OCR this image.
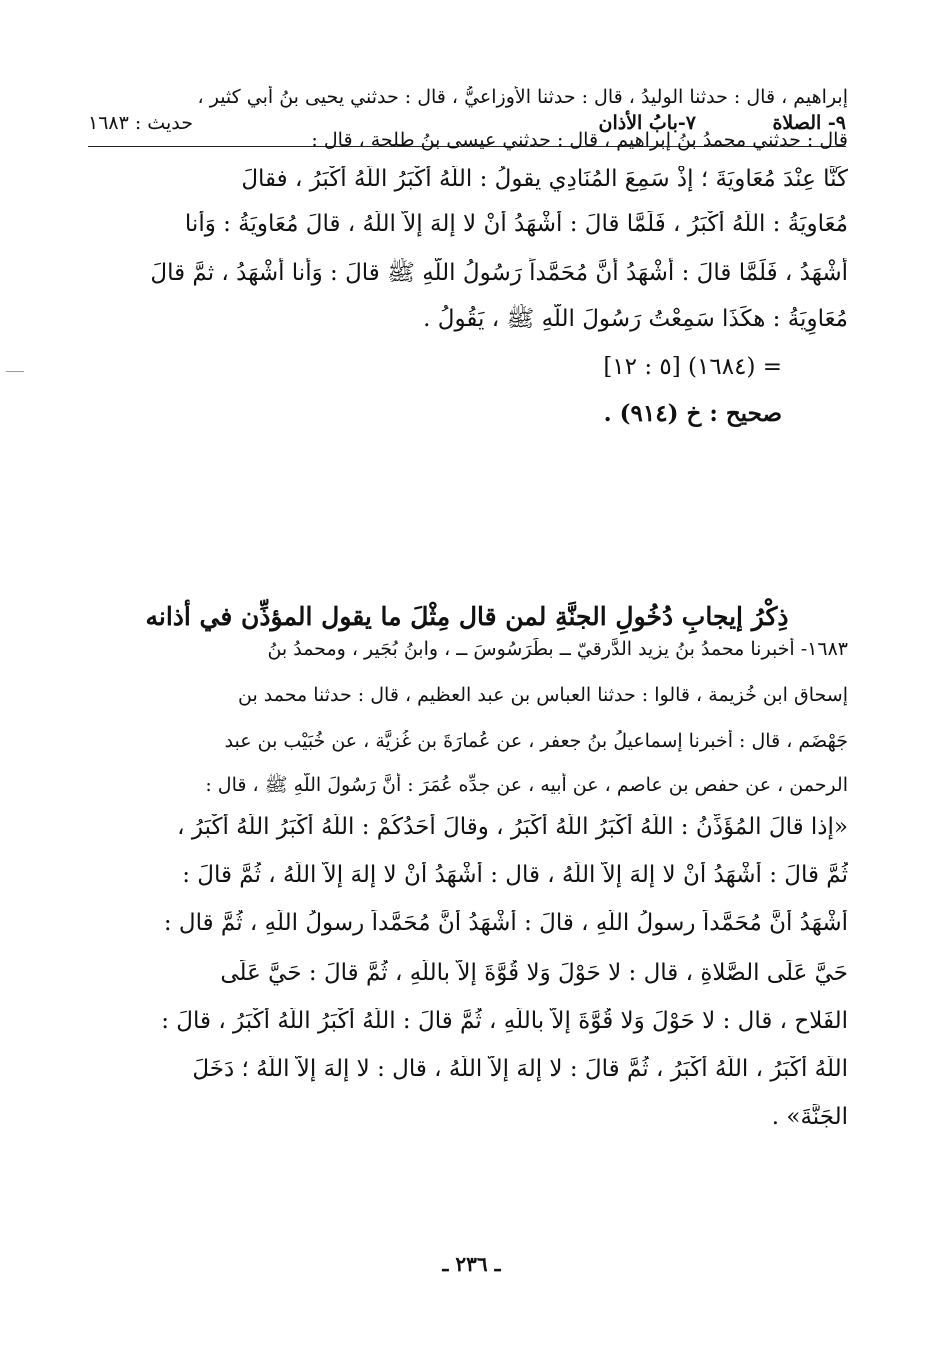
٩- الصلاة
٧-بابُ الأذان
حديث : ١٦٨٣
إبراهيم ، قال : حدثنا الوليدُ ، قال : حدثنا الأوزاعيُّ ، قال : حدثني يحيى بنُ أبي كثير ،
قال : حدثني محمدُ بنُ إبراهيم ، قال : حدثني عيسى بنُ طلحة ، قال :
كُنَّا عِنْدَ مُعَاوِيَةَ ؛ إِذْ سَمِعَ المُنَادِي يقولُ : اللَّهُ أَكْبَرُ اللَّهُ أَكْبَرُ ، فقالَ
مُعَاوِيَةُ : اللَّهُ أَكْبَرُ ، فَلَمَّا قالَ : أَشْهَدُ أَنْ لا إلهَ إلاَّ اللَّهُ ، قالَ مُعَاوِيَةُ : وَأَنا
أَشْهَدُ ، فَلَمَّا قالَ : أَشْهَدُ أَنَّ مُحَمَّداً رَسُولُ اللَّهِ ﷺ قالَ : وَأَنا أَشْهَدُ ، ثمَّ قالَ
مُعَاوِيَةُ : هكَذَا سَمِعْتُ رَسُولَ اللَّهِ ﷺ ، يَقُولُ .
= (١٦٨٤) [٥ : ١٢]
صحيح : خ (٩١٤) .
ذِكْرُ إيجابِ دُخُولِ الجنَّةِ لمن قال مِثْلَ ما يقول المؤذِّن في أذانه
١٦٨٣- أخبرنا محمدُ بنُ يزيد الدَّرقيّ ــ بطَرَسُوسَ ــ ، وابنُ بُجَير ، ومحمدُ بنُ
إسحاق ابن خُزيمة ، قالوا : حدثنا العباس بن عبد العظيم ، قال : حدثنا محمد بن
جَهْضَم ، قال : أخبرنا إسماعيلُ بنُ جعفر ، عن عُمارَةَ بن غُزيَّة ، عن خُبَيْب بن عبد
الرحمن ، عن حفص بن عاصم ، عن أبيه ، عن جدِّه عُمَرَ : أَنَّ رَسُولَ اللَّهِ ﷺ ، قال :
«إذا قالَ المُؤَذِّنُ : اللَّهُ أَكْبَرُ اللَّهُ أَكْبَرُ ، وقالَ أَحَدُكُمْ : اللَّهُ أَكْبَرُ اللَّهُ أَكْبَرُ ،
ثُمَّ قالَ : أَشْهَدُ أَنْ لا إلهَ إلاَّ اللَّهُ ، قال : أَشْهَدُ أَنْ لا إلهَ إلاَّ اللَّهُ ، ثُمَّ قالَ :
أَشْهَدُ أَنَّ مُحَمَّداً رسولُ اللَّهِ ، قالَ : أَشْهَدُ أَنَّ مُحَمَّداً رسولُ اللَّهِ ، ثُمَّ قال :
حَيَّ عَلَى الصَّلاةِ ، قال : لا حَوْلَ وَلا قُوَّةَ إلاَّ باللَّهِ ، ثُمَّ قالَ : حَيَّ عَلَى
الفَلاحِ ، قال : لا حَوْلَ وَلا قُوَّةَ إلاَّ باللَّهِ ، ثُمَّ قالَ : اللَّهُ أَكْبَرُ اللَّهُ أَكْبَرُ ، قالَ :
اللَّهُ أَكْبَرُ ، اللَّهُ أَكْبَرُ ، ثُمَّ قالَ : لا إلهَ إلاَّ اللَّهُ ، قال : لا إلهَ إلاَّ اللَّهُ ؛ دَخَلَ
الجَنَّةَ» .
ـ ٢٣٦ ـ
